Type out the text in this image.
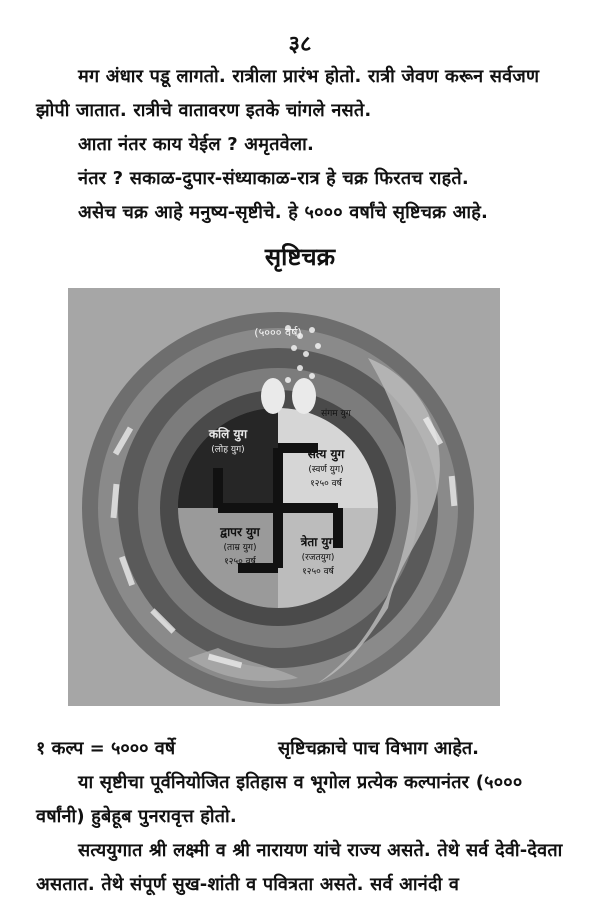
३८

मग अंधार पडू लागतो. रात्रीला प्रारंभ होतो. रात्री जेवण करून सर्वजण झोपी जातात. रात्रीचे वातावरण इतके चांगले नसते.

आता नंतर काय येईल ? अमृतवेला.

नंतर ? सकाळ-दुपार-संध्याकाळ-रात्र हे चक्र फिरतच राहते.

असेच चक्र आहे मनुष्य-सृष्टीचे. हे ५००० वर्षांचे सृष्टिचक्र आहे.

सृष्टिचक्र
(५००० वर्ष)
सत्य युग
(स्वर्ण युग)
१२५० वर्ष
त्रेता युग
(रजतयुग)
१२५० वर्ष
द्वापर युग
(ताम्र युग)
१२५० वर्ष
कलि युग
(लोह युग)
संगम युग
१ कल्प = ५००० वर्षे	सृष्टिचक्राचे पाच विभाग आहेत.

या सृष्टीचा पूर्वनियोजित इतिहास व भूगोल प्रत्येक कल्पानंतर (५००० वर्षांनी) हुबेहूब पुनरावृत्त होतो.

सत्ययुगात श्री लक्ष्मी व श्री नारायण यांचे राज्य असते. तेथे सर्व देवी-देवता असतात. तेथे संपूर्ण सुख-शांती व पवित्रता असते. सर्व आनंदी व
